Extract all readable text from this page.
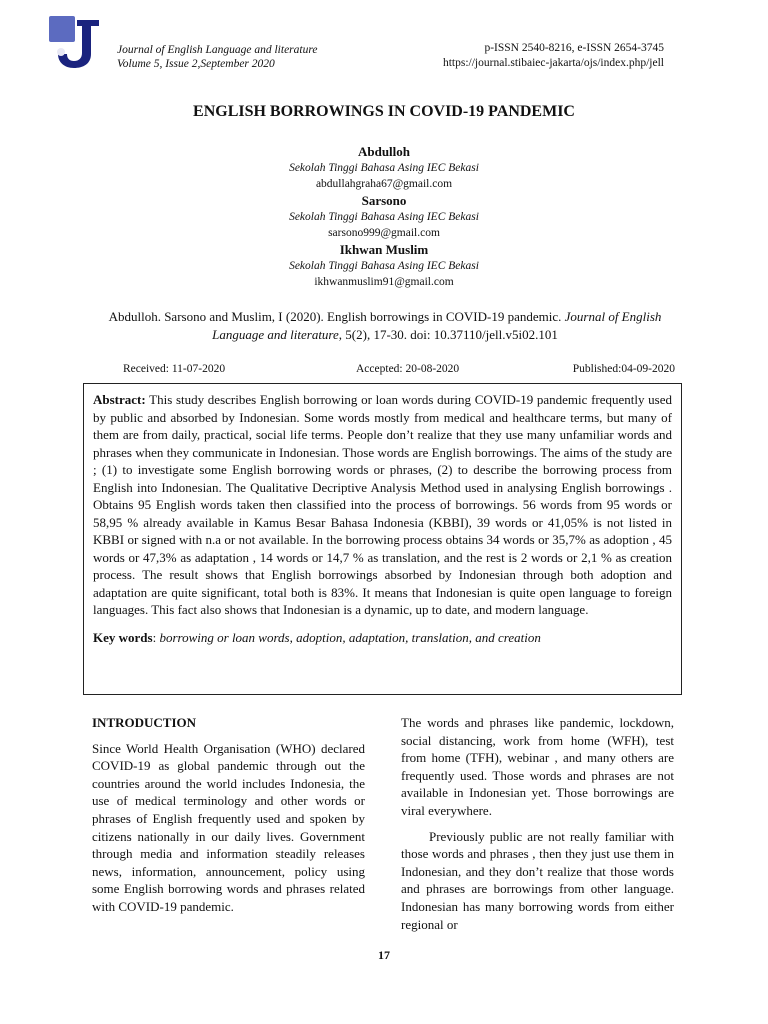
Journal of English Language and literature
Volume 5, Issue 2,September 2020
p-ISSN 2540-8216, e-ISSN 2654-3745
https://journal.stibaiec-jakarta/ojs/index.php/jell
ENGLISH BORROWINGS IN COVID-19 PANDEMIC
Abdulloh
Sekolah Tinggi Bahasa Asing IEC Bekasi
abdullahgraha67@gmail.com
Sarsono
Sekolah Tinggi Bahasa Asing IEC Bekasi
sarsono999@gmail.com
Ikhwan Muslim
Sekolah Tinggi Bahasa Asing IEC Bekasi
ikhwanmuslim91@gmail.com
Abdulloh. Sarsono and Muslim, I (2020). English borrowings in COVID-19 pandemic. Journal of English Language and literature, 5(2), 17-30. doi: 10.37110/jell.v5i02.101
Received: 11-07-2020	Accepted: 20-08-2020	Published:04-09-2020

Abstract: This study describes English borrowing or loan words during COVID-19 pandemic frequently used by public and absorbed by Indonesian. Some words mostly from medical and healthcare terms, but many of them are from daily, practical, social life terms. People don’t realize that they use many unfamiliar words and phrases when they communicate in Indonesian. Those words are English borrowings. The aims of the study are ; (1) to investigate some English borrowing words or phrases, (2) to describe the borrowing process from English into Indonesian. The Qualitative Decriptive Analysis Method used in analysing English borrowings . Obtains 95 English words taken then classified into the process of borrowings. 56 words from 95 words or 58,95 % already available in Kamus Besar Bahasa Indonesia (KBBI), 39 words or 41,05% is not listed in KBBI or signed with n.a or not available. In the borrowing process obtains 34 words or 35,7% as adoption , 45 words or 47,3% as adaptation , 14 words or 14,7 % as translation, and the rest is 2 words or 2,1 % as creation process. The result shows that English borrowings absorbed by Indonesian through both adoption and adaptation are quite significant, total both is 83%. It means that Indonesian is quite open language to foreign languages. This fact also shows that Indonesian is a dynamic, up to date, and modern language.

Key words: borrowing or loan words, adoption, adaptation, translation, and creation

INTRODUCTION

Since World Health Organisation (WHO) declared COVID-19 as global pandemic through out the countries around the world includes Indonesia, the use of medical terminology and other words or phrases of English frequently used and spoken by citizens nationally in our daily lives. Government through media and information steadily releases news, information, announcement, policy using some English borrowing words and phrases related with COVID-19 pandemic.

The words and phrases like pandemic, lockdown, social distancing, work from home (WFH), test from home (TFH), webinar , and many others are frequently used. Those words and phrases are not available in Indonesian yet. Those borrowings are viral everywhere.

Previously public are not really familiar with those words and phrases , then they just use them in Indonesian, and they don’t realize that those words and phrases are borrowings from other language. Indonesian has many borrowing words from either regional or

17
